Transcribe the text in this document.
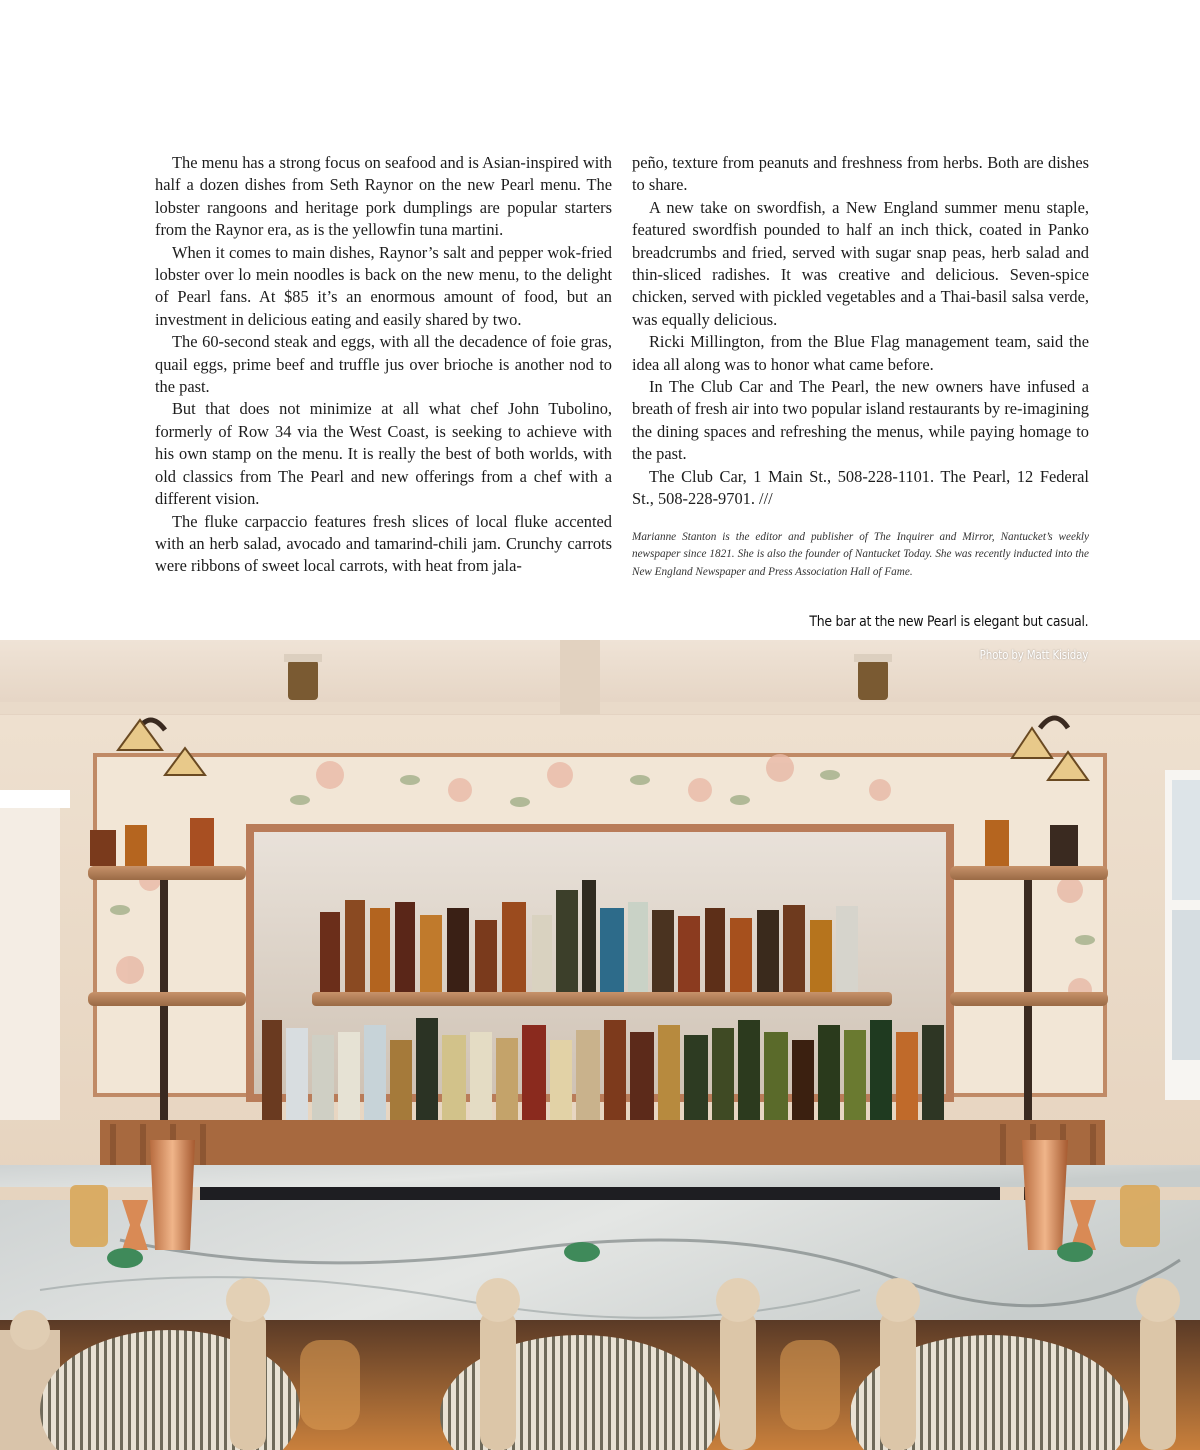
The menu has a strong focus on seafood and is Asian-inspired with half a dozen dishes from Seth Raynor on the new Pearl menu. The lobster rangoons and heritage pork dumplings are popular starters from the Raynor era, as is the yellowfin tuna martini.

When it comes to main dishes, Raynor’s salt and pepper wok-fried lobster over lo mein noodles is back on the new menu, to the delight of Pearl fans. At $85 it’s an enormous amount of food, but an investment in delicious eating and easily shared by two.

The 60-second steak and eggs, with all the decadence of foie gras, quail eggs, prime beef and truffle jus over brioche is another nod to the past.

But that does not minimize at all what chef John Tubolino, formerly of Row 34 via the West Coast, is seeking to achieve with his own stamp on the menu. It is really the best of both worlds, with old classics from The Pearl and new offerings from a chef with a different vision.

The fluke carpaccio features fresh slices of local fluke accented with an herb salad, avocado and tamarind-chili jam. Crunchy carrots were ribbons of sweet local carrots, with heat from jala-

peño, texture from peanuts and freshness from herbs. Both are dishes to share.

A new take on swordfish, a New England summer menu staple, featured swordfish pounded to half an inch thick, coated in Panko breadcrumbs and fried, served with sugar snap peas, herb salad and thin-sliced radishes. It was creative and delicious. Seven-spice chicken, served with pickled vegetables and a Thai-basil salsa verde, was equally delicious.

Ricki Millington, from the Blue Flag management team, said the idea all along was to honor what came before.

In The Club Car and The Pearl, the new owners have infused a breath of fresh air into two popular island restaurants by re-imagining the dining spaces and refreshing the menus, while paying homage to the past.

The Club Car, 1 Main St., 508-228-1101. The Pearl, 12 Federal St., 508-228-9701. ///

Marianne Stanton is the editor and publisher of The Inquirer and Mirror, Nantucket’s weekly newspaper since 1821. She is also the founder of Nantucket Today. She was recently inducted into the New England Newspaper and Press Association Hall of Fame.

The bar at the new Pearl is elegant but casual.
Photo by Matt Kisiday
